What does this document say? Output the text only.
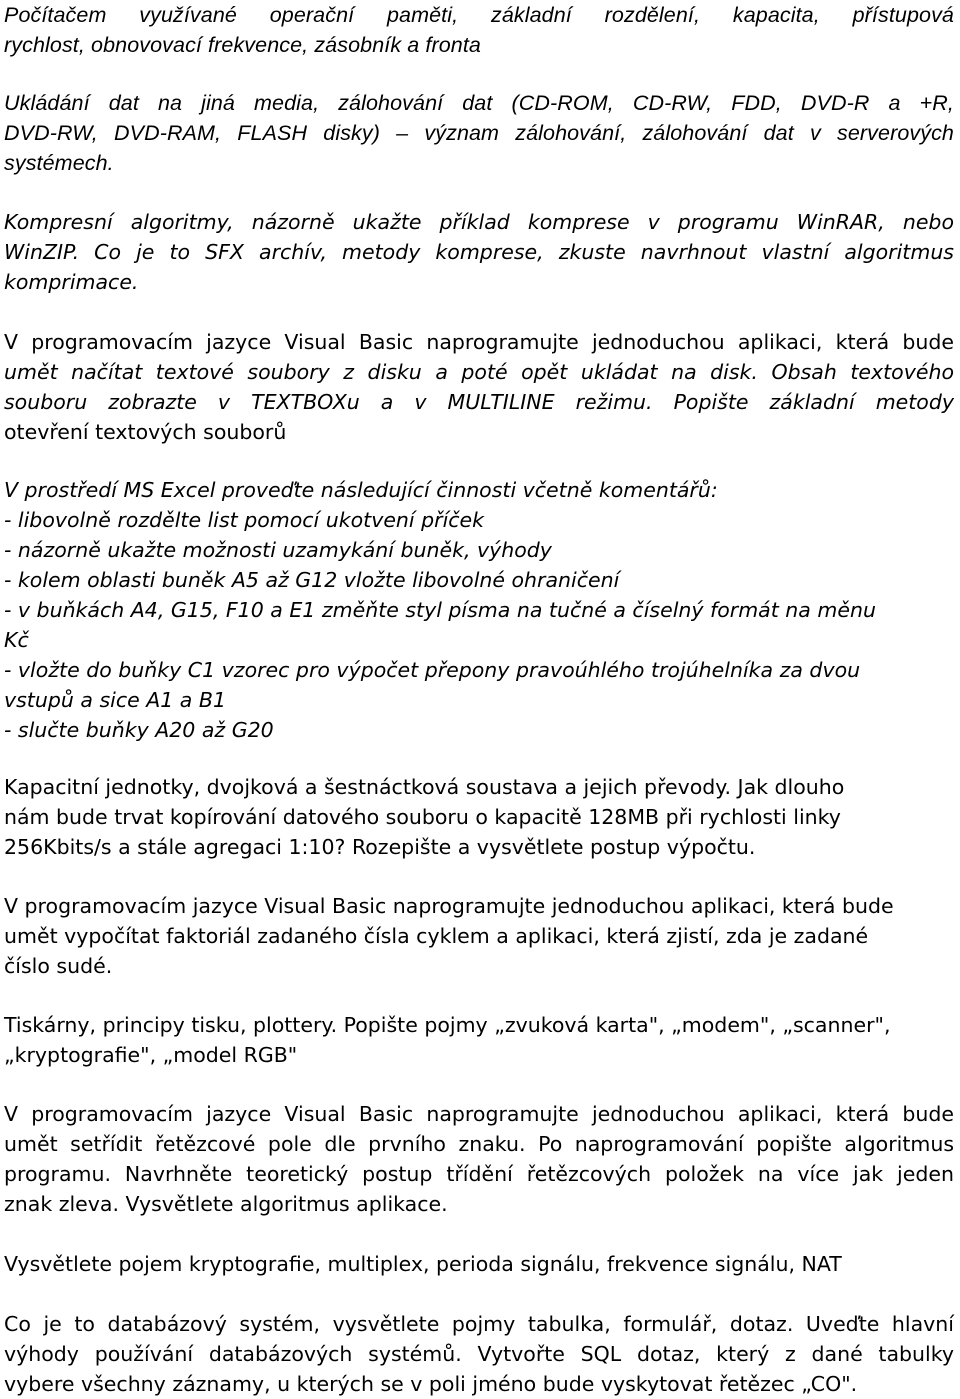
Počítačem využívané operační paměti, základní rozdělení, kapacita, přístupová
rychlost, obnovovací frekvence, zásobník a fronta
Ukládání dat na jiná media, zálohování dat (CD-ROM, CD-RW, FDD, DVD-R a +R,
DVD-RW, DVD-RAM, FLASH disky) – význam zálohování, zálohování dat v serverových
systémech.
Kompresní algoritmy, názorně ukažte příklad komprese v programu WinRAR, nebo
WinZIP. Co je to SFX archív, metody komprese, zkuste navrhnout vlastní algoritmus
komprimace.
V programovacím jazyce Visual Basic naprogramujte jednoduchou aplikaci, která bude
umět načítat textové soubory z disku a poté opět ukládat na disk. Obsah textového
souboru zobrazte v TEXTBOXu a v MULTILINE režimu. Popište základní metody
otevření textových souborů
V prostředí MS Excel proveďte následující činnosti včetně komentářů:
- libovolně rozdělte list pomocí ukotvení příček
- názorně ukažte možnosti uzamykání buněk, výhody
- kolem oblasti buněk A5 až G12 vložte libovolné ohraničení
- v buňkách A4, G15, F10 a E1 změňte styl písma na tučné a číselný formát na měnu
Kč
- vložte do buňky C1 vzorec pro výpočet přepony pravoúhlého trojúhelníka za dvou
vstupů a sice A1 a B1
- slučte buňky A20 až G20
Kapacitní jednotky, dvojková a šestnáctková soustava a jejich převody. Jak dlouho
nám bude trvat kopírování datového souboru o kapacitě 128MB při rychlosti linky
256Kbits/s a stále agregaci 1:10? Rozepište a vysvětlete postup výpočtu.
V programovacím jazyce Visual Basic naprogramujte jednoduchou aplikaci, která bude
umět vypočítat faktoriál zadaného čísla cyklem a aplikaci, která zjistí, zda je zadané
číslo sudé.
Tiskárny, principy tisku, plottery. Popište pojmy „zvuková karta", „modem", „scanner",
„kryptografie", „model RGB"
V programovacím jazyce Visual Basic naprogramujte jednoduchou aplikaci, která bude
umět setřídit řetězcové pole dle prvního znaku. Po naprogramování popište algoritmus
programu. Navrhněte teoretický postup třídění řetězcových položek na více jak jeden
znak zleva. Vysvětlete algoritmus aplikace.
Vysvětlete pojem kryptografie, multiplex, perioda signálu, frekvence signálu, NAT
Co je to databázový systém, vysvětlete pojmy tabulka, formulář, dotaz. Uveďte hlavní
výhody používání databázových systémů. Vytvořte SQL dotaz, který z dané tabulky
vybere všechny záznamy, u kterých se v poli jméno bude vyskytovat řetězec „CO".
